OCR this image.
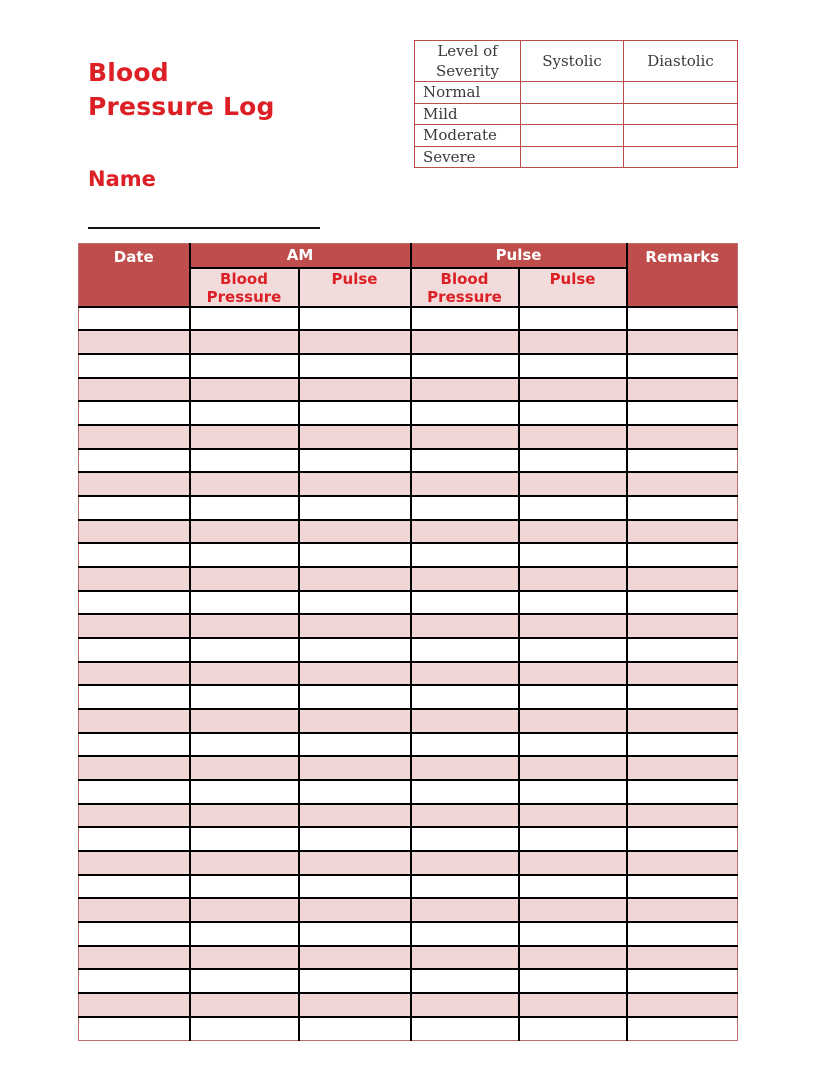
Blood
Pressure Log
Level of Severity	Systolic	Diastolic
Normal		
Mild		
Moderate		
Severe		
Name
Date	AM		Pulse		Remarks
	Blood Pressure	Pulse	Blood Pressure	Pulse	
